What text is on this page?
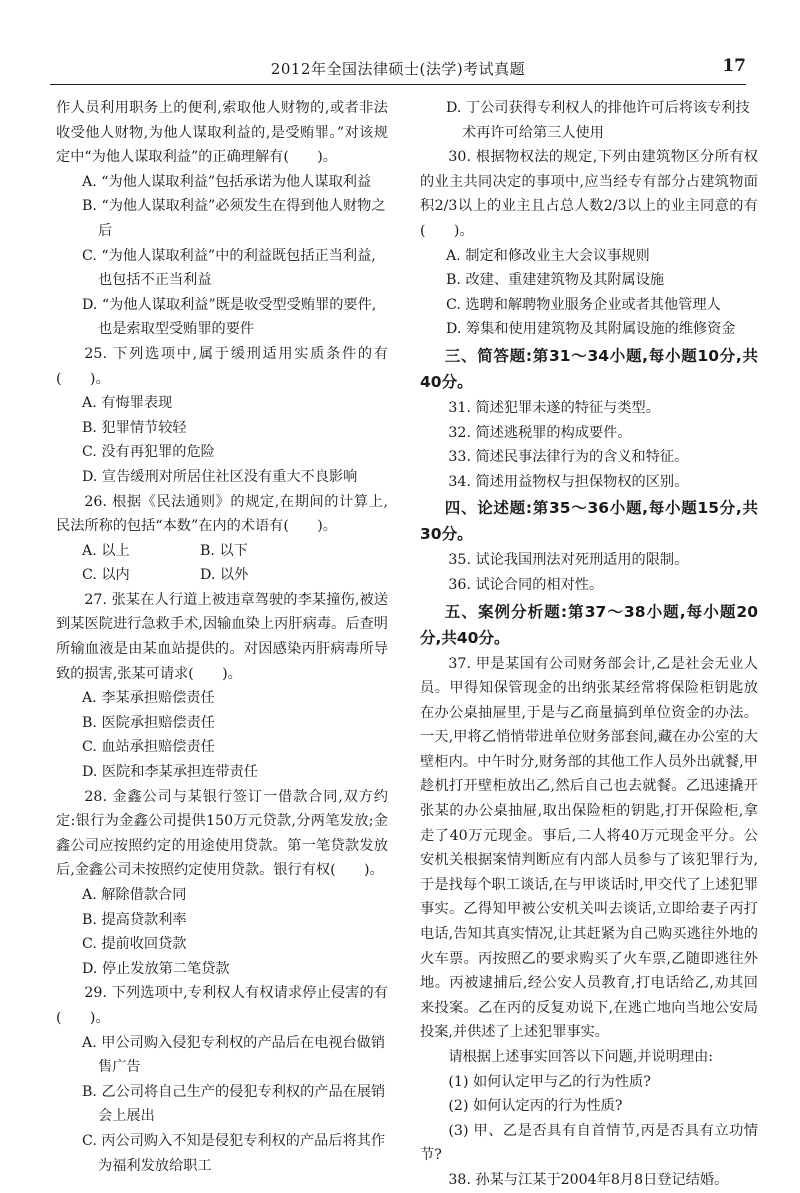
2012年全国法律硕士(法学)考试真题	17
作人员利用职务上的便利,索取他人财物的,或者非法收受他人财物,为他人谋取利益的,是受贿罪。”对该规定中“为他人谋取利益”的正确理解有(　　)。
A. “为他人谋取利益”包括承诺为他人谋取利益
B. “为他人谋取利益”必须发生在得到他人财物之后
C. “为他人谋取利益”中的利益既包括正当利益,也包括不正当利益
D. “为他人谋取利益”既是收受型受贿罪的要件,也是索取型受贿罪的要件
25. 下列选项中,属于缓刑适用实质条件的有(　　)。
A. 有悔罪表现
B. 犯罪情节较轻
C. 没有再犯罪的危险
D. 宣告缓刑对所居住社区没有重大不良影响
26. 根据《民法通则》的规定,在期间的计算上,民法所称的包括“本数”在内的术语有(　　)。
A. 以上	B. 以下
C. 以内	D. 以外
27. 张某在人行道上被违章驾驶的李某撞伤,被送到某医院进行急救手术,因输血染上丙肝病毒。后查明所输血液是由某血站提供的。对因感染丙肝病毒所导致的损害,张某可请求(　　)。
A. 李某承担赔偿责任
B. 医院承担赔偿责任
C. 血站承担赔偿责任
D. 医院和李某承担连带责任
28. 金鑫公司与某银行签订一借款合同,双方约定:银行为金鑫公司提供150万元贷款,分两笔发放;金鑫公司应按照约定的用途使用贷款。第一笔贷款发放后,金鑫公司未按照约定使用贷款。银行有权(　　)。
A. 解除借款合同
B. 提高贷款利率
C. 提前收回贷款
D. 停止发放第二笔贷款
29. 下列选项中,专利权人有权请求停止侵害的有(　　)。
A. 甲公司购入侵犯专利权的产品后在电视台做销售广告
B. 乙公司将自己生产的侵犯专利权的产品在展销会上展出
C. 丙公司购入不知是侵犯专利权的产品后将其作为福利发放给职工
D. 丁公司获得专利权人的排他许可后将该专利技术再许可给第三人使用
30. 根据物权法的规定,下列由建筑物区分所有权的业主共同决定的事项中,应当经专有部分占建筑物面积2/3以上的业主且占总人数2/3以上的业主同意的有(　　)。
A. 制定和修改业主大会议事规则
B. 改建、重建建筑物及其附属设施
C. 选聘和解聘物业服务企业或者其他管理人
D. 筹集和使用建筑物及其附属设施的维修资金
三、简答题:第31～34小题,每小题10分,共40分。
31. 简述犯罪未遂的特征与类型。
32. 简述逃税罪的构成要件。
33. 简述民事法律行为的含义和特征。
34. 简述用益物权与担保物权的区别。
四、论述题:第35～36小题,每小题15分,共30分。
35. 试论我国刑法对死刑适用的限制。
36. 试论合同的相对性。
五、案例分析题:第37～38小题,每小题20分,共40分。
37. 甲是某国有公司财务部会计,乙是社会无业人员。甲得知保管现金的出纳张某经常将保险柜钥匙放在办公桌抽屉里,于是与乙商量搞到单位资金的办法。一天,甲将乙悄悄带进单位财务部套间,藏在办公室的大壁柜内。中午时分,财务部的其他工作人员外出就餐,甲趁机打开壁柜放出乙,然后自己也去就餐。乙迅速撬开张某的办公桌抽屉,取出保险柜的钥匙,打开保险柜,拿走了40万元现金。事后,二人将40万元现金平分。公安机关根据案情判断应有内部人员参与了该犯罪行为,于是找每个职工谈话,在与甲谈话时,甲交代了上述犯罪事实。乙得知甲被公安机关叫去谈话,立即给妻子丙打电话,告知其真实情况,让其赶紧为自己购买逃往外地的火车票。丙按照乙的要求购买了火车票,乙随即逃往外地。丙被逮捕后,经公安人员教育,打电话给乙,劝其回来投案。乙在丙的反复劝说下,在逃亡地向当地公安局投案,并供述了上述犯罪事实。
请根据上述事实回答以下问题,并说明理由:
(1) 如何认定甲与乙的行为性质?
(2) 如何认定丙的行为性质?
(3) 甲、乙是否具有自首情节,丙是否具有立功情节?
38. 孙某与江某于2004年8月8日登记结婚。
